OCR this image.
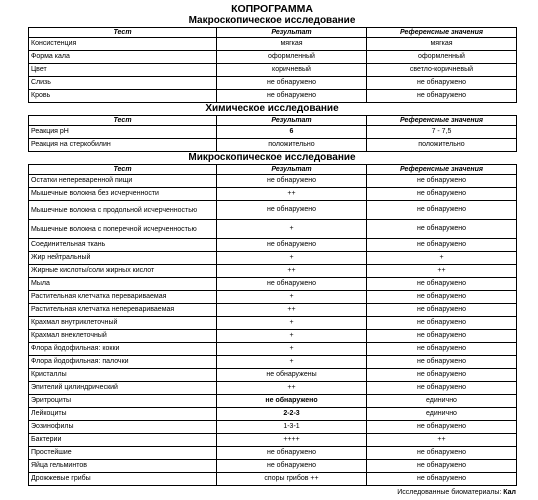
КОПРОГРАММА
Макроскопическое исследование
Тест	Результат	Референсные значения
Консистенция	мягкая	мягкая
Форма кала	оформленный	оформленный
Цвет	коричневый	светло-коричневый
Слизь	не обнаружено	не обнаружено
Кровь	не обнаружено	не обнаружено
Химическое исследование
Тест	Результат	Референсные значения
Реакция рН	6	7 - 7,5
Реакция на стеркобилин	положительно	положительно
Микроскопическое исследование
Тест	Результат	Референсные значения
Остатки непереваренной пищи	не обнаружено	не обнаружено
Мышечные волокна без исчерченности	++	не обнаружено
Мышечные волокна с продольной исчерченностью	не обнаружено	не обнаружено
Мышечные волокна с поперечной исчерченностью	+	не обнаружено
Соединительная ткань	не обнаружено	не обнаружено
Жир нейтральный	+	+
Жирные кислоты/соли жирных кислот	++	++
Мыла	не обнаружено	не обнаружено
Растительная клетчатка перевариваемая	+	не обнаружено
Растительная клетчатка неперевариваемая	++	не обнаружено
Крахмал внутриклеточный	+	не обнаружено
Крахмал внеклеточный	+	не обнаружено
Флора йодофильная: кокки	+	не обнаружено
Флора йодофильная: палочки	+	не обнаружено
Кристаллы	не обнаружены	не обнаружено
Эпителий цилиндрический	++	не обнаружено
Эритроциты	не обнаружено	единично
Лейкоциты	2-2-3	единично
Эозинофилы	1-3-1	не обнаружено
Бактерии	++++	++
Простейшие	не обнаружено	не обнаружено
Яйца гельминтов	не обнаружено	не обнаружено
Дрожжевые грибы	споры грибов ++	не обнаружено
Исследованные биоматериалы: Кал
